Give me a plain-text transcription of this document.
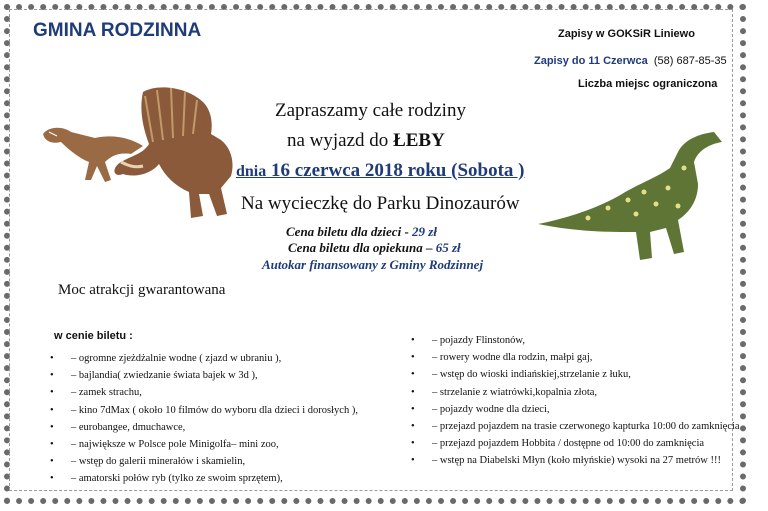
GMINA RODZINNA	Zapisy w GOKSiR Liniewo
Zapisy do 11 Czerwca (58) 687-85-35
Liczba miejsc ograniczona
Zapraszamy całe rodziny
na wyjazd do ŁEBY
dnia 16 czerwca 2018 roku (Sobota )
Na wycieczkę do Parku Dinozaurów
Cena biletu dla dzieci - 29 zł
Cena biletu dla opiekuna – 65 zł
Autokar finansowany z Gminy Rodzinnej
Moc atrakcji gwarantowana
w cenie biletu :
• – ogromne zjeżdżalnie wodne ( zjazd w ubraniu ),
• – bajlandia( zwiedzanie świata bajek w 3d ),
• – zamek strachu,
• – kino 7dMax ( około 10 filmów do wyboru dla dzieci i dorosłych ),
• – eurobangee, dmuchawce,
• – największe w Polsce pole Minigolfa– mini zoo,
• – wstęp do galerii minerałów i skamielin,
• – amatorski połów ryb (tylko ze swoim sprzętem),
• – pojazdy Flinstonów,
• – rowery wodne dla rodzin, małpi gaj,
• – wstęp do wioski indiańskiej,strzelanie z łuku,
• – strzelanie z wiatrówki,kopalnia złota,
• – pojazdy wodne dla dzieci,
• – przejazd pojazdem na trasie czerwonego kapturka 10:00 do zamknięcia
• – przejazd pojazdem Hobbita / dostępne od 10:00 do zamknięcia
• – wstęp na Diabelski Młyn (koło młyńskie) wysoki na 27 metrów !!!
